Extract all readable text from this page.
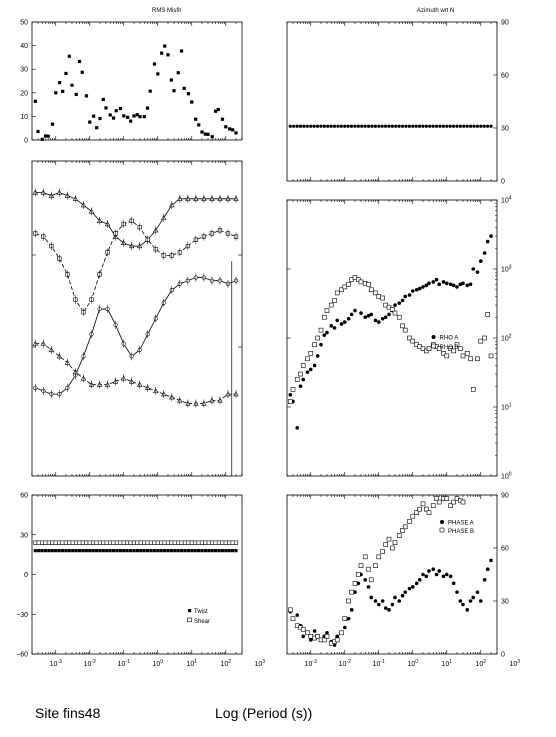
RMS Misfit
50
40
30
20
10
0
Azimuth wrt N
90
60
30
0
$10^0$
$10^1$
$10^2$
$10^3$
$10^4$
RHO A
RHO B
60
30
0
−30
−60
Twist
Shear
90
60
30
0
PHASE A
PHASE B
$10^{-3}$	$10^{-3}$
$10^{-2}$	$10^{-2}$
$10^{-1}$	$10^{-1}$
$10^0$	$10^0$
$10^1$	$10^1$
$10^2$	$10^2$
$10^3$	$10^3$
Site fins48	Log (Period (s))
